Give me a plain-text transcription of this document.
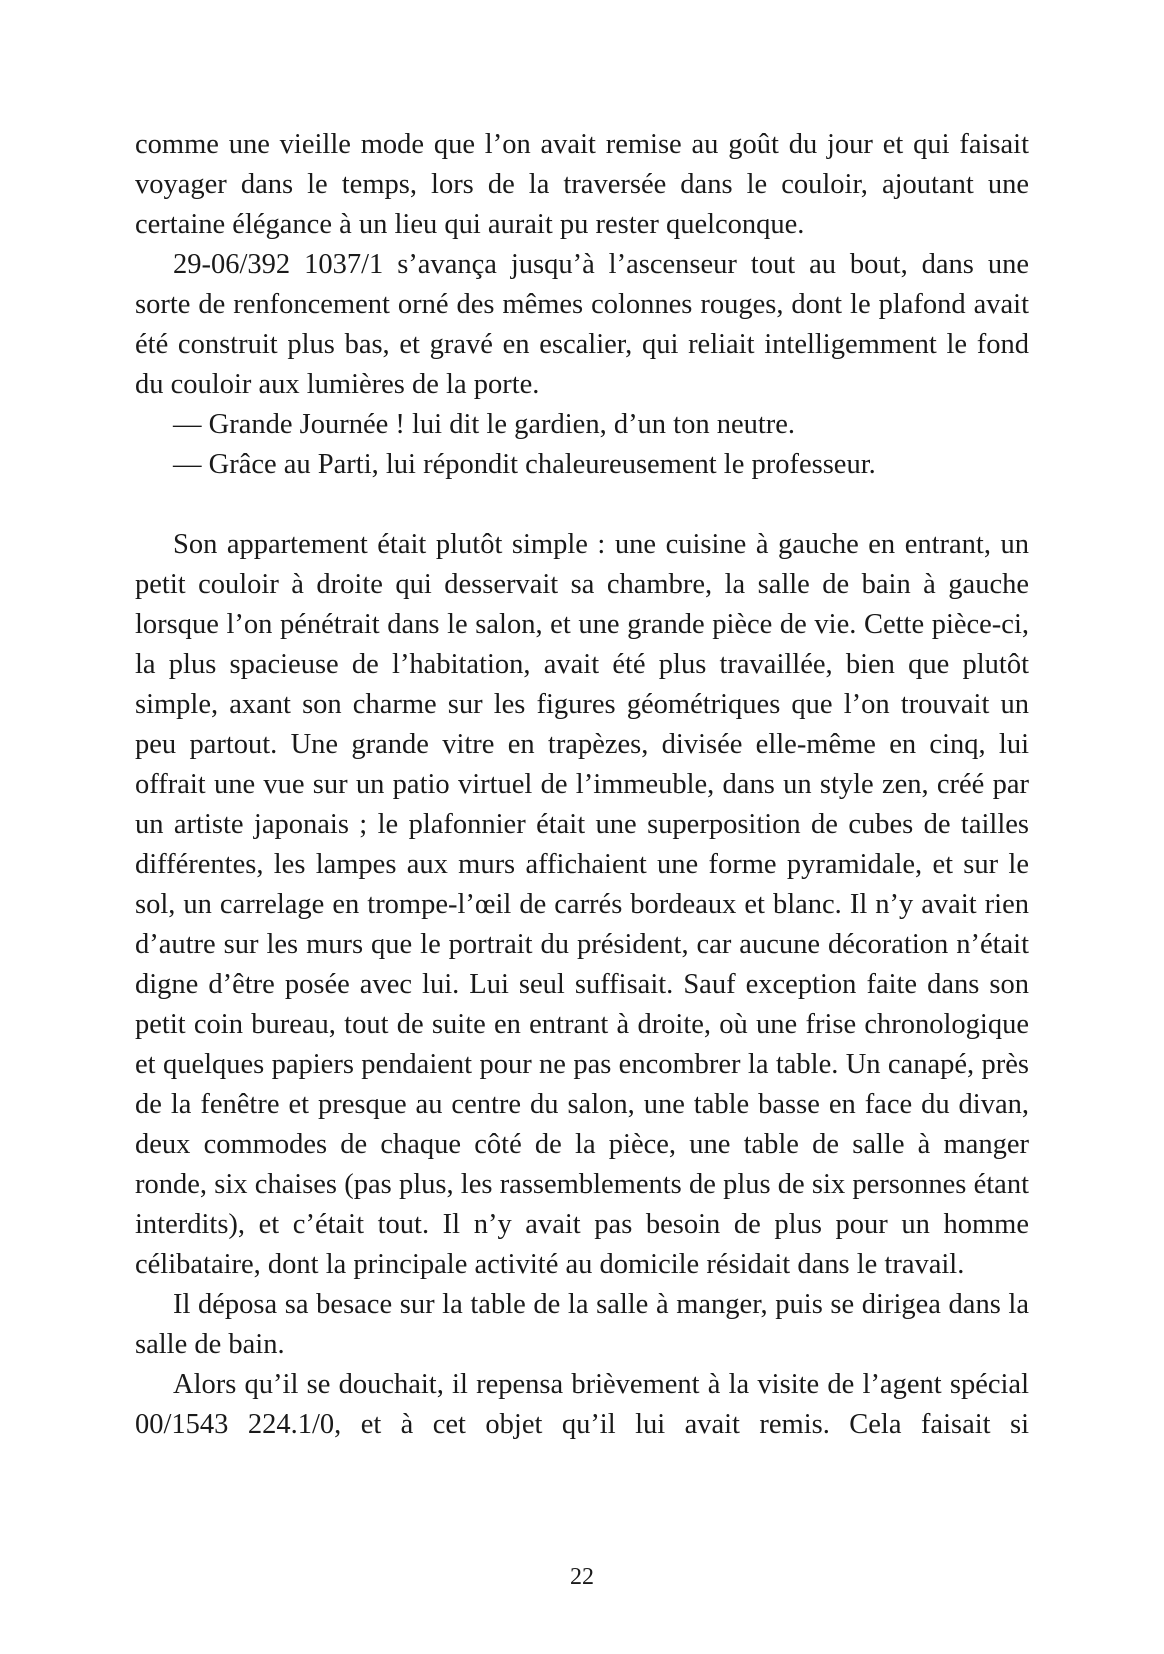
comme une vieille mode que l’on avait remise au goût du jour et qui faisait voyager dans le temps, lors de la traversée dans le couloir, ajoutant une certaine élégance à un lieu qui aurait pu rester quelconque.

29-06/392 1037/1 s’avança jusqu’à l’ascenseur tout au bout, dans une sorte de renfoncement orné des mêmes colonnes rouges, dont le plafond avait été construit plus bas, et gravé en escalier, qui reliait intelligemment le fond du couloir aux lumières de la porte.

— Grande Journée ! lui dit le gardien, d’un ton neutre.

— Grâce au Parti, lui répondit chaleureusement le professeur.

Son appartement était plutôt simple : une cuisine à gauche en entrant, un petit couloir à droite qui desservait sa chambre, la salle de bain à gauche lorsque l’on pénétrait dans le salon, et une grande pièce de vie. Cette pièce-ci, la plus spacieuse de l’habitation, avait été plus travaillée, bien que plutôt simple, axant son charme sur les figures géométriques que l’on trouvait un peu partout. Une grande vitre en trapèzes, divisée elle-même en cinq, lui offrait une vue sur un patio virtuel de l’immeuble, dans un style zen, créé par un artiste japonais ; le plafonnier était une superposition de cubes de tailles différentes, les lampes aux murs affichaient une forme pyramidale, et sur le sol, un carrelage en trompe-l’œil de carrés bordeaux et blanc. Il n’y avait rien d’autre sur les murs que le portrait du président, car aucune décoration n’était digne d’être posée avec lui. Lui seul suffisait. Sauf exception faite dans son petit coin bureau, tout de suite en entrant à droite, où une frise chronologique et quelques papiers pendaient pour ne pas encombrer la table. Un canapé, près de la fenêtre et presque au centre du salon, une table basse en face du divan, deux commodes de chaque côté de la pièce, une table de salle à manger ronde, six chaises (pas plus, les rassemblements de plus de six personnes étant interdits), et c’était tout. Il n’y avait pas besoin de plus pour un homme célibataire, dont la principale activité au domicile résidait dans le travail.

Il déposa sa besace sur la table de la salle à manger, puis se dirigea dans la salle de bain.

Alors qu’il se douchait, il repensa brièvement à la visite de l’agent spécial 00/1543 224.1/0, et à cet objet qu’il lui avait remis. Cela faisait si

22
